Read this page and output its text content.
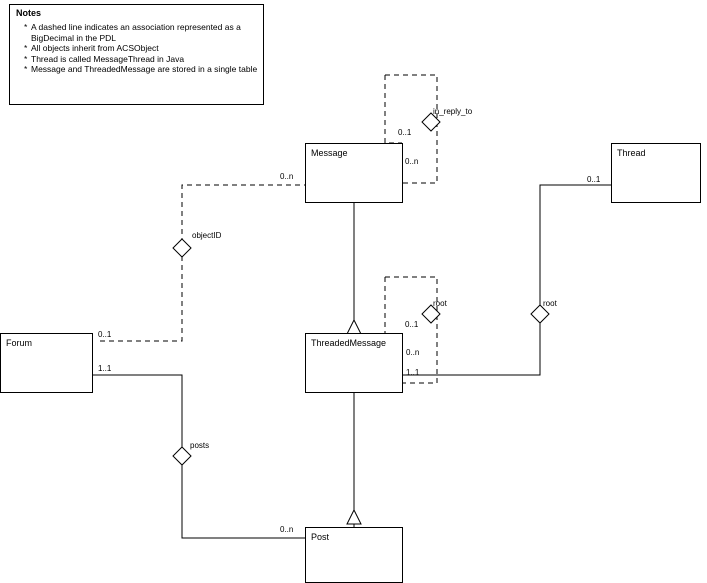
Notes
* A dashed line indicates an association represented as a BigDecimal in the PDL
* All objects inherit from ACSObject
* Thread is called MessageThread in Java
* Message and ThreadedMessage are stored in a single table
Message	Thread
Forum	ThreadedMessage
Post
in_reply_to
objectID
root	root
posts
0..1
0..n
0..n
0..1
0..1
0..1
0..n
1..1
1..1
0..n
